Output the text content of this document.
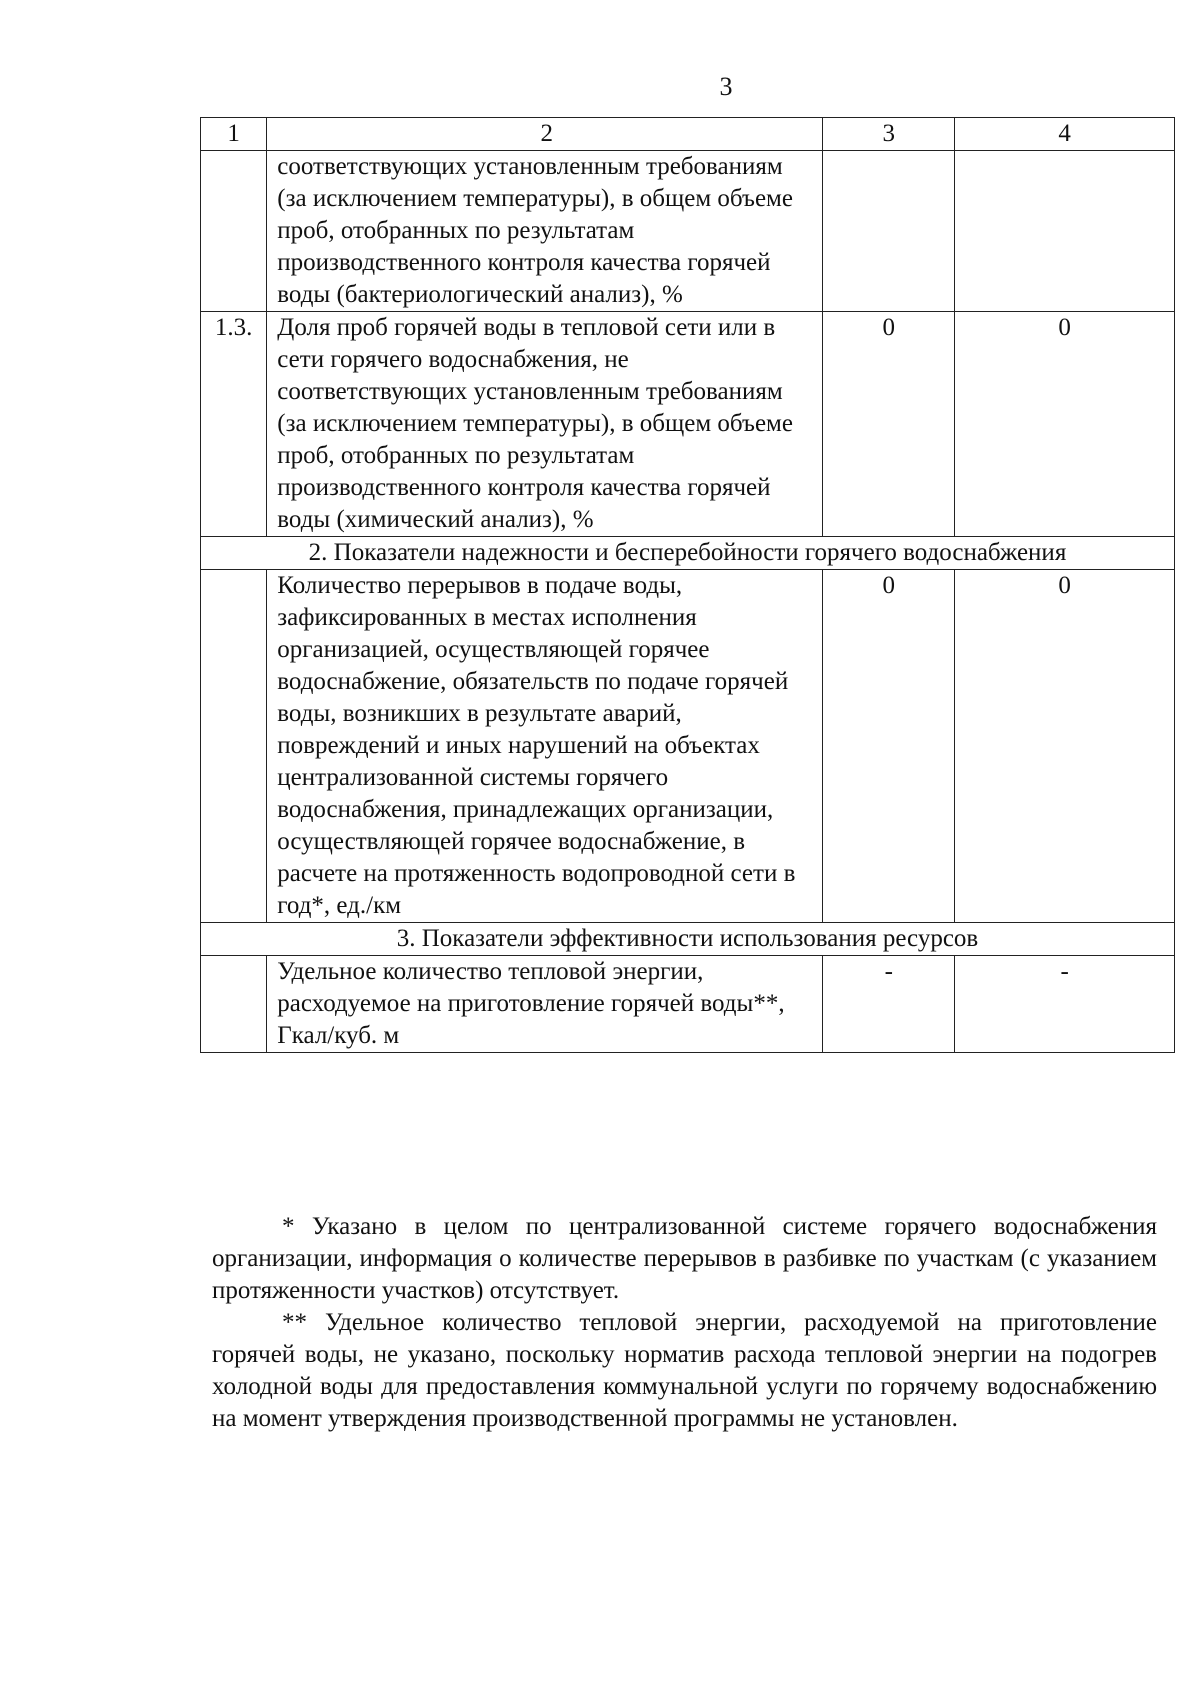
3
1	2	3	4
	соответствующих установленным требованиям (за исключением температуры), в общем объеме проб, отобранных по результатам производственного контроля качества горячей воды (бактериологический анализ), %		
1.3.	Доля проб горячей воды в тепловой сети или в сети горячего водоснабжения, не соответствующих установленным требованиям (за исключением температуры), в общем объеме проб, отобранных по результатам производственного контроля качества горячей воды (химический анализ), %	0	0
2. Показатели надежности и бесперебойности горячего водоснабжения			
	Количество перерывов в подаче воды, зафиксированных в местах исполнения организацией, осуществляющей горячее водоснабжение, обязательств по подаче горячей воды, возникших в результате аварий, повреждений и иных нарушений на объектах централизованной системы горячего водоснабжения, принадлежащих организации, осуществляющей горячее водоснабжение, в расчете на протяженность водопроводной сети в год*, ед./км	0	0
3. Показатели эффективности использования ресурсов			
	Удельное количество тепловой энергии, расходуемое на приготовление горячей воды**, Гкал/куб. м	-	-

* Указано в целом по централизованной системе горячего водоснабжения организации, информация о количестве перерывов в разбивке по участкам (с указанием протяженности участков) отсутствует.

** Удельное количество тепловой энергии, расходуемой на приготовление горячей воды, не указано, поскольку норматив расхода тепловой энергии на подогрев холодной воды для предоставления коммунальной услуги по горячему водоснабжению на момент утверждения производственной программы не установлен.
